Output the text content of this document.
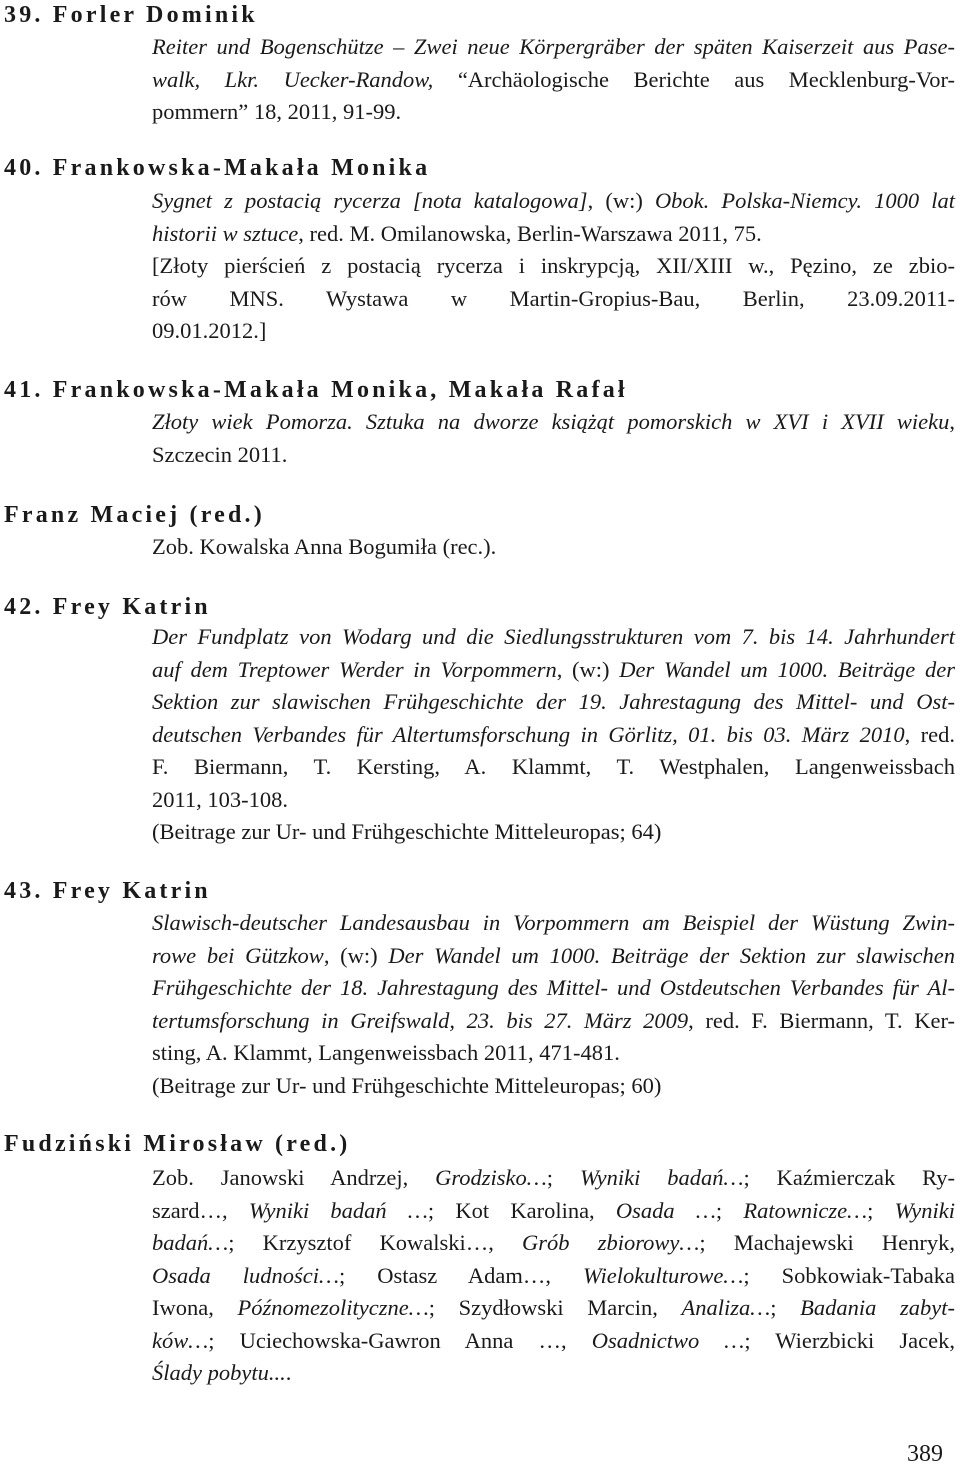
39. Forler Dominik
Reiter und Bogenschütze – Zwei neue Körpergräber der späten Kaiserzeit aus Pase-
walk, Lkr. Uecker-Randow, “Archäologische Berichte aus Mecklenburg-Vor-
pommern” 18, 2011, 91-99.
40. Frankowska-Makała Monika
Sygnet z postacią rycerza [nota katalogowa], (w:) Obok. Polska-Niemcy. 1000 lat
historii w sztuce, red. M. Omilanowska, Berlin-Warszawa 2011, 75.
[Złoty pierścień z postacią rycerza i inskrypcją, XII/XIII w., Pęzino, ze zbio-
rów MNS. Wystawa w Martin-Gropius-Bau, Berlin, 23.09.2011-
09.01.2012.]
41. Frankowska-Makała Monika, Makała Rafał
Złoty wiek Pomorza. Sztuka na dworze książąt pomorskich w XVI i XVII wieku,
Szczecin 2011.
Franz Maciej (red.)
Zob. Kowalska Anna Bogumiła (rec.).
42. Frey Katrin
Der Fundplatz von Wodarg und die Siedlungsstrukturen vom 7. bis 14. Jahrhundert
auf dem Treptower Werder in Vorpommern, (w:) Der Wandel um 1000. Beiträge der
Sektion zur slawischen Frühgeschichte der 19. Jahrestagung des Mittel- und Ost-
deutschen Verbandes für Altertumsforschung in Görlitz, 01. bis 03. März 2010, red.
F. Biermann, T. Kersting, A. Klammt, T. Westphalen, Langenweissbach
2011, 103-108.
(Beitrage zur Ur- und Frühgeschichte Mitteleuropas; 64)
43. Frey Katrin
Slawisch-deutscher Landesausbau in Vorpommern am Beispiel der Wüstung Zwin-
rowe bei Gützkow, (w:) Der Wandel um 1000. Beiträge der Sektion zur slawischen
Frühgeschichte der 18. Jahrestagung des Mittel- und Ostdeutschen Verbandes für Al-
tertumsforschung in Greifswald, 23. bis 27. März 2009, red. F. Biermann, T. Ker-
sting, A. Klammt, Langenweissbach 2011, 471-481.
(Beitrage zur Ur- und Frühgeschichte Mitteleuropas; 60)
Fudziński Mirosław (red.)
Zob. Janowski Andrzej, Grodzisko…; Wyniki badań…; Kaźmierczak Ry-
szard…, Wyniki badań …; Kot Karolina, Osada …; Ratownicze…; Wyniki
badań…; Krzysztof Kowalski…, Grób zbiorowy…; Machajewski Henryk,
Osada ludności…; Ostasz Adam…, Wielokulturowe…; Sobkowiak-Tabaka
Iwona, Późnomezolityczne…; Szydłowski Marcin, Analiza…; Badania zabyt-
ków…; Uciechowska-Gawron Anna …, Osadnictwo …; Wierzbicki Jacek,
Ślady pobytu....
389
